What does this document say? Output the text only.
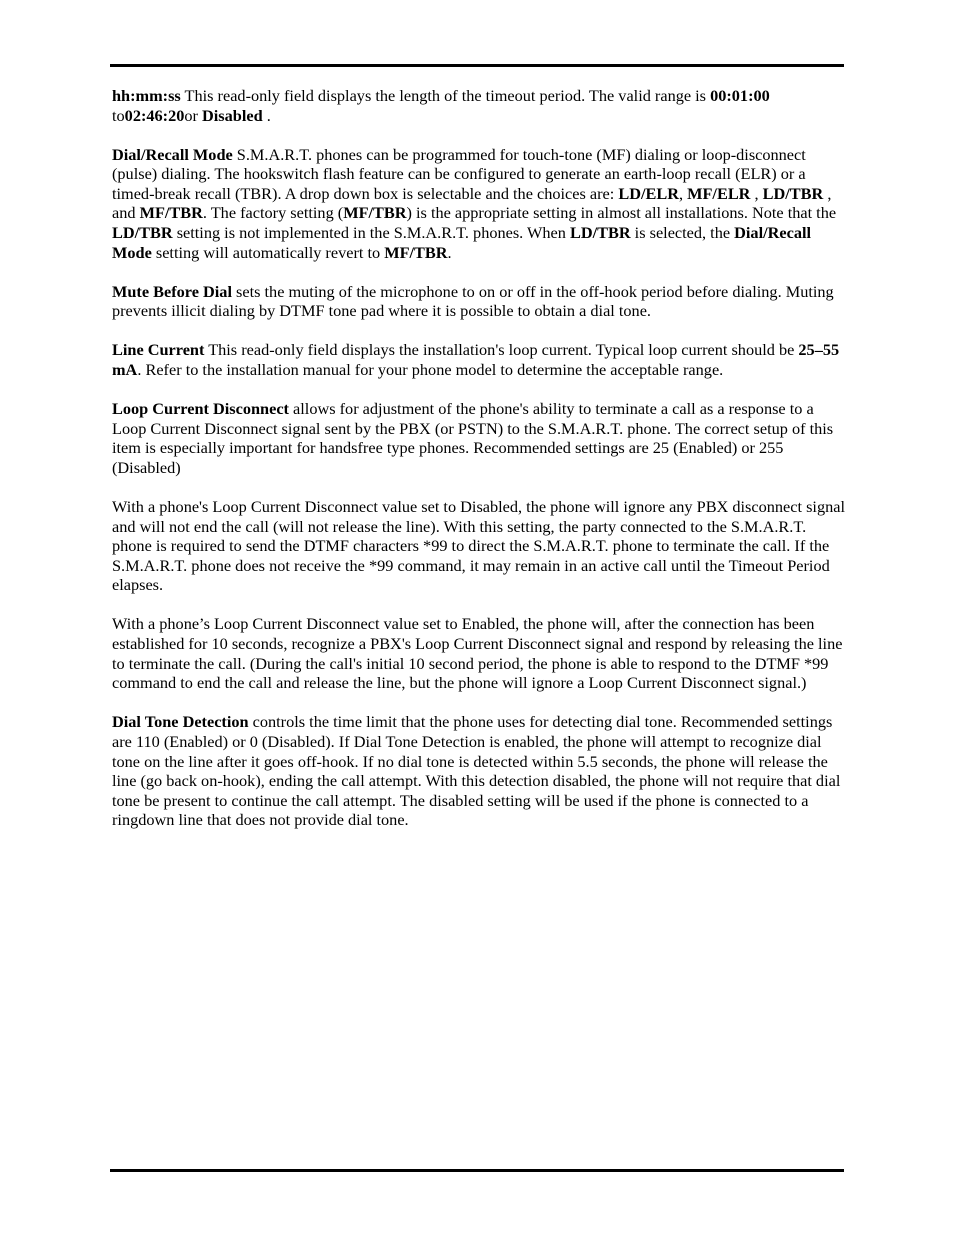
hh:mm:ss This read-only field displays the length of the timeout period. The valid range is 00:01:00 to02:46:20or Disabled .

Dial/Recall Mode S.M.A.R.T. phones can be programmed for touch-tone (MF) dialing or loop-disconnect (pulse) dialing. The hookswitch flash feature can be configured to generate an earth-loop recall (ELR) or a timed-break recall (TBR). A drop down box is selectable and the choices are: LD/ELR, MF/ELR , LD/TBR , and MF/TBR. The factory setting (MF/TBR) is the appropriate setting in almost all installations. Note that the LD/TBR setting is not implemented in the S.M.A.R.T. phones. When LD/TBR is selected, the Dial/Recall Mode setting will automatically revert to MF/TBR.

Mute Before Dial sets the muting of the microphone to on or off in the off-hook period before dialing. Muting prevents illicit dialing by DTMF tone pad where it is possible to obtain a dial tone.

Line Current This read-only field displays the installation's loop current. Typical loop current should be 25–55 mA. Refer to the installation manual for your phone model to determine the acceptable range.

Loop Current Disconnect allows for adjustment of the phone's ability to terminate a call as a response to a Loop Current Disconnect signal sent by the PBX (or PSTN) to the S.M.A.R.T. phone. The correct setup of this item is especially important for handsfree type phones. Recommended settings are 25 (Enabled) or 255 (Disabled)

With a phone's Loop Current Disconnect value set to Disabled, the phone will ignore any PBX disconnect signal and will not end the call (will not release the line). With this setting, the party connected to the S.M.A.R.T. phone is required to send the DTMF characters *99 to direct the S.M.A.R.T. phone to terminate the call. If the S.M.A.R.T. phone does not receive the *99 command, it may remain in an active call until the Timeout Period elapses.

With a phone’s Loop Current Disconnect value set to Enabled, the phone will, after the connection has been established for 10 seconds, recognize a PBX's Loop Current Disconnect signal and respond by releasing the line to terminate the call. (During the call's initial 10 second period, the phone is able to respond to the DTMF *99 command to end the call and release the line, but the phone will ignore a Loop Current Disconnect signal.)

Dial Tone Detection controls the time limit that the phone uses for detecting dial tone. Recommended settings are 110 (Enabled) or 0 (Disabled). If Dial Tone Detection is enabled, the phone will attempt to recognize dial tone on the line after it goes off-hook. If no dial tone is detected within 5.5 seconds, the phone will release the line (go back on-hook), ending the call attempt. With this detection disabled, the phone will not require that dial tone be present to continue the call attempt. The disabled setting will be used if the phone is connected to a ringdown line that does not provide dial tone.
